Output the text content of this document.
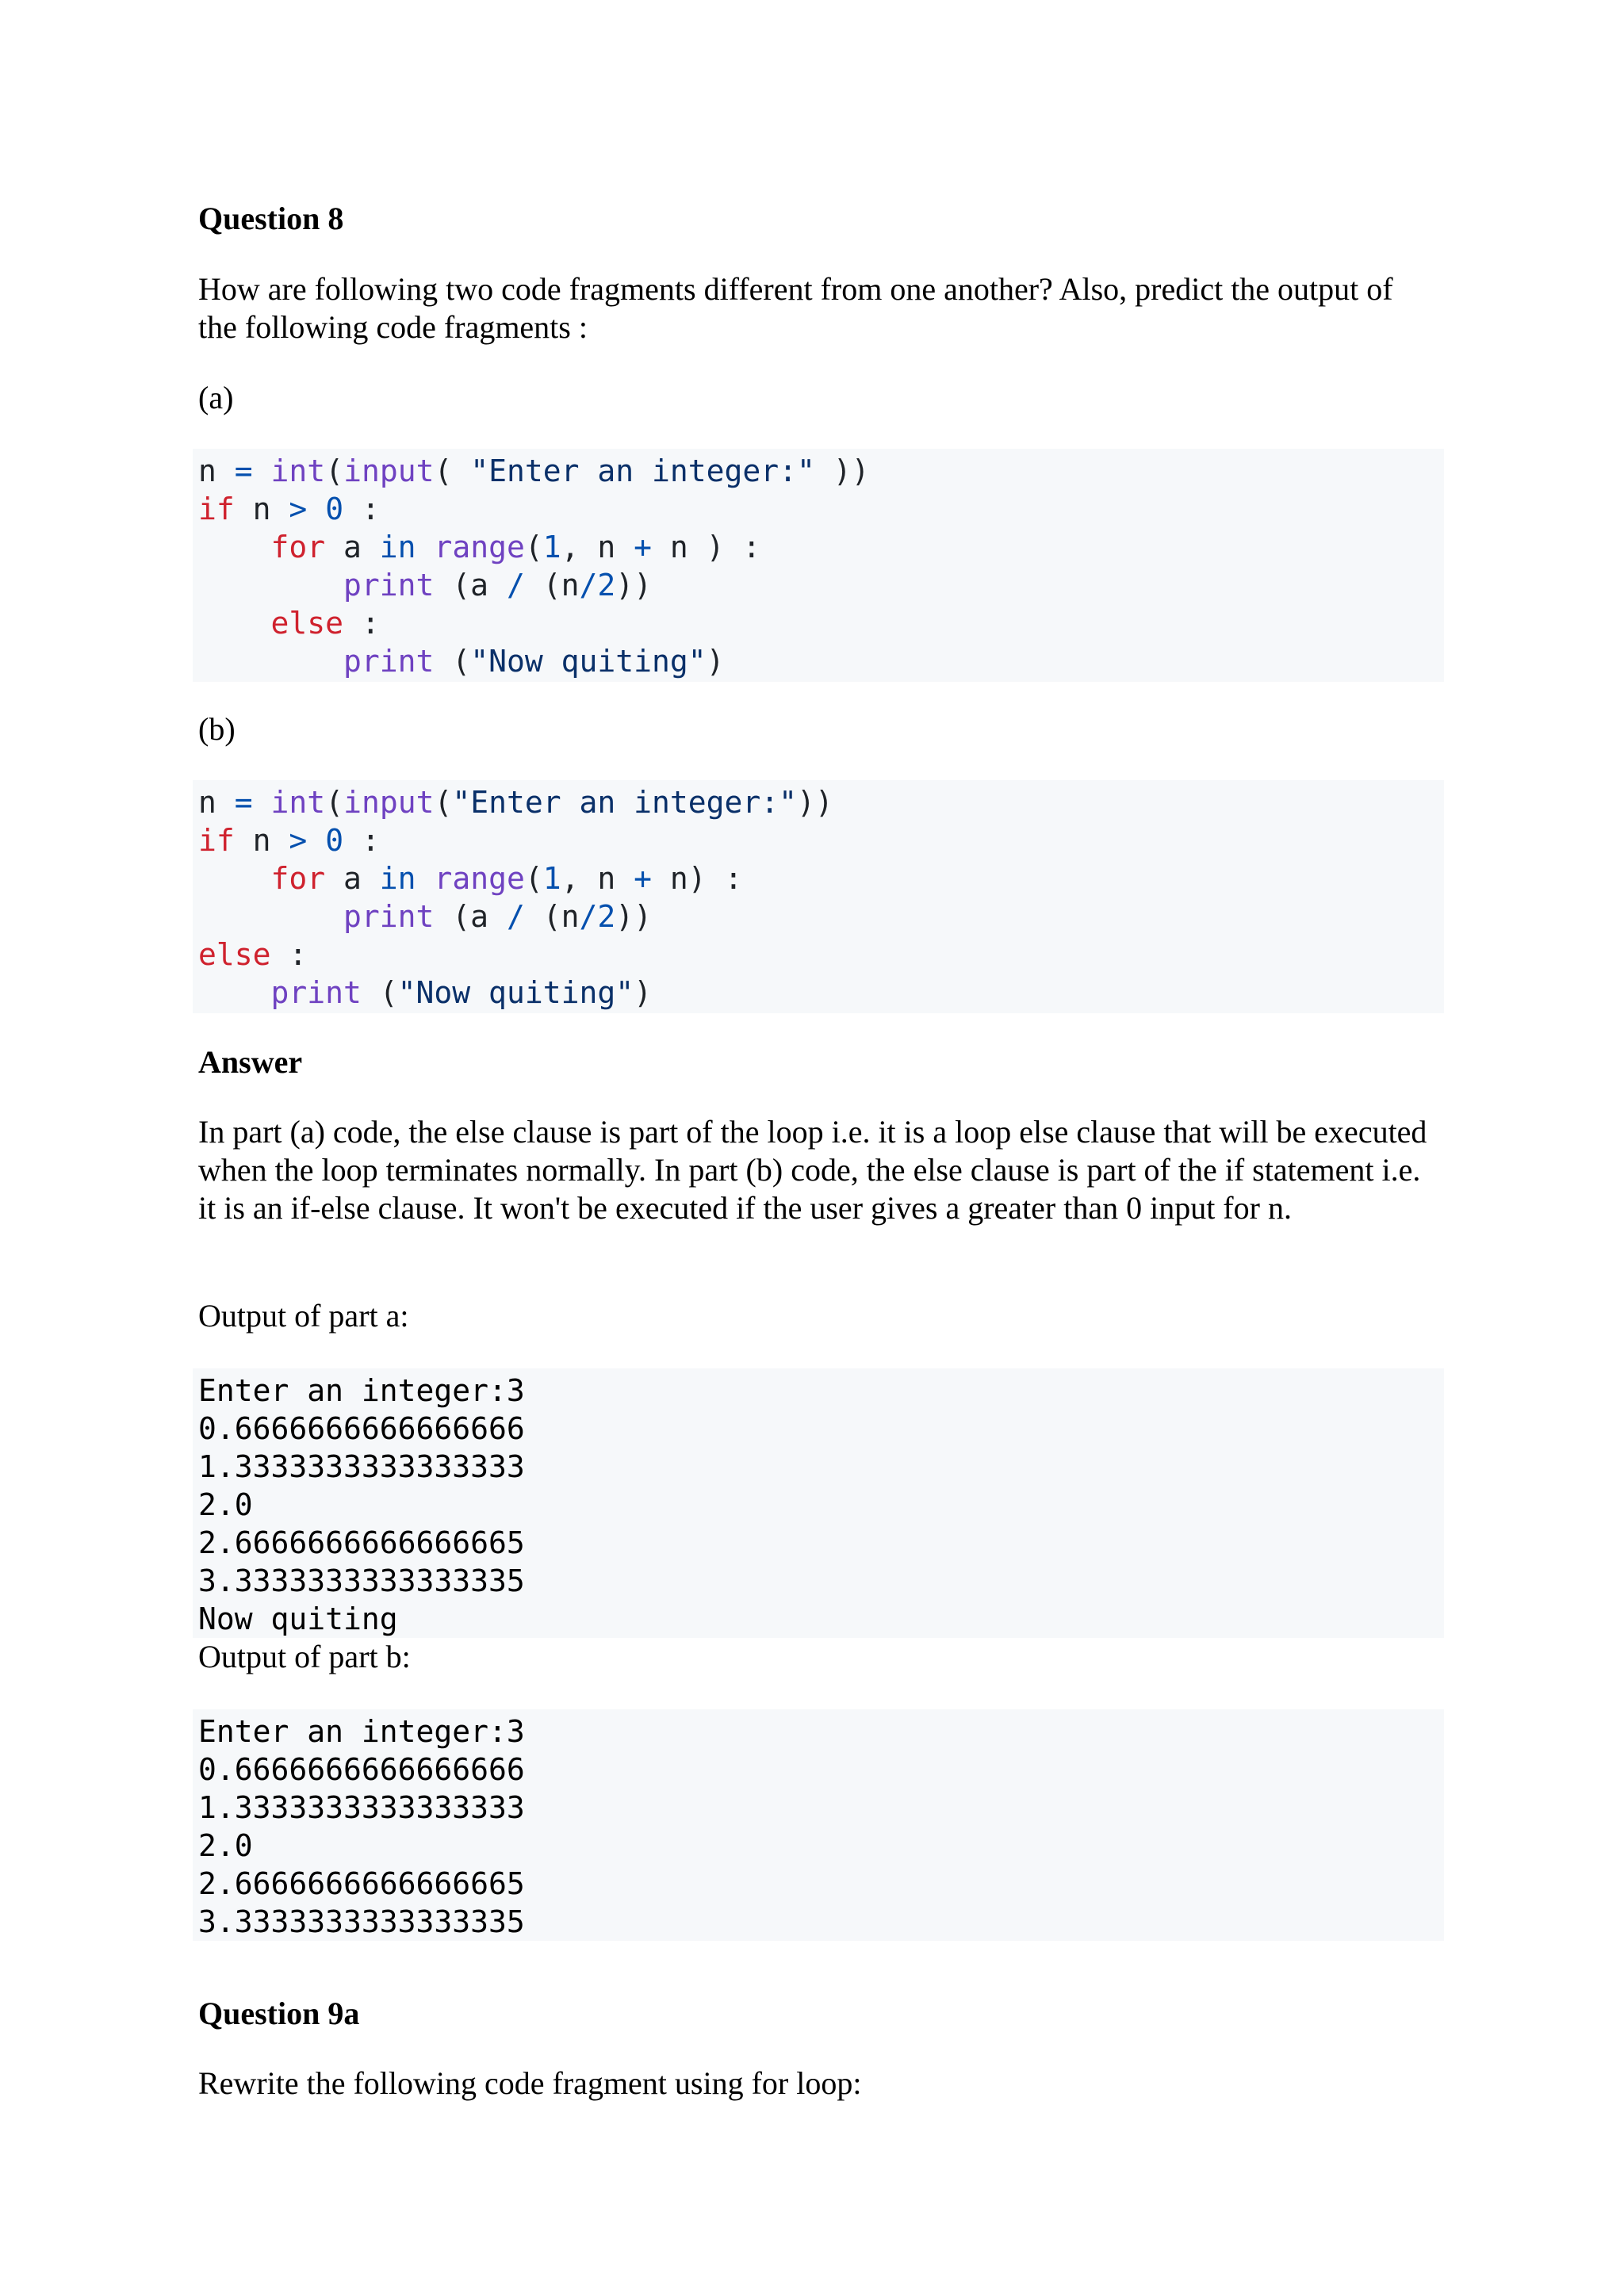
Question 8

How are following two code fragments different from one another? Also, predict the output of the following code fragments :

(a)

n = int(input( "Enter an integer:" ))
if n > 0 :
for a in range(1, n + n ) :
print (a / (n/2))
else :
print ("Now quiting")

(b)

n = int(input("Enter an integer:"))
if n > 0 :
for a in range(1, n + n) :
print (a / (n/2))
else :
print ("Now quiting")
Answer

In part (a) code, the else clause is part of the loop i.e. it is a loop else clause that will be executed when the loop terminates normally. In part (b) code, the else clause is part of the if statement i.e. it is an if-else clause. It won't be executed if the user gives a greater than 0 input for n.

Output of part a:

Enter an integer:3
0.6666666666666666
1.3333333333333333
2.0
2.6666666666666665
3.3333333333333335
Now quiting

Output of part b:

Enter an integer:3
0.6666666666666666
1.3333333333333333
2.0
2.6666666666666665
3.3333333333333335
Question 9a

Rewrite the following code fragment using for loop:
